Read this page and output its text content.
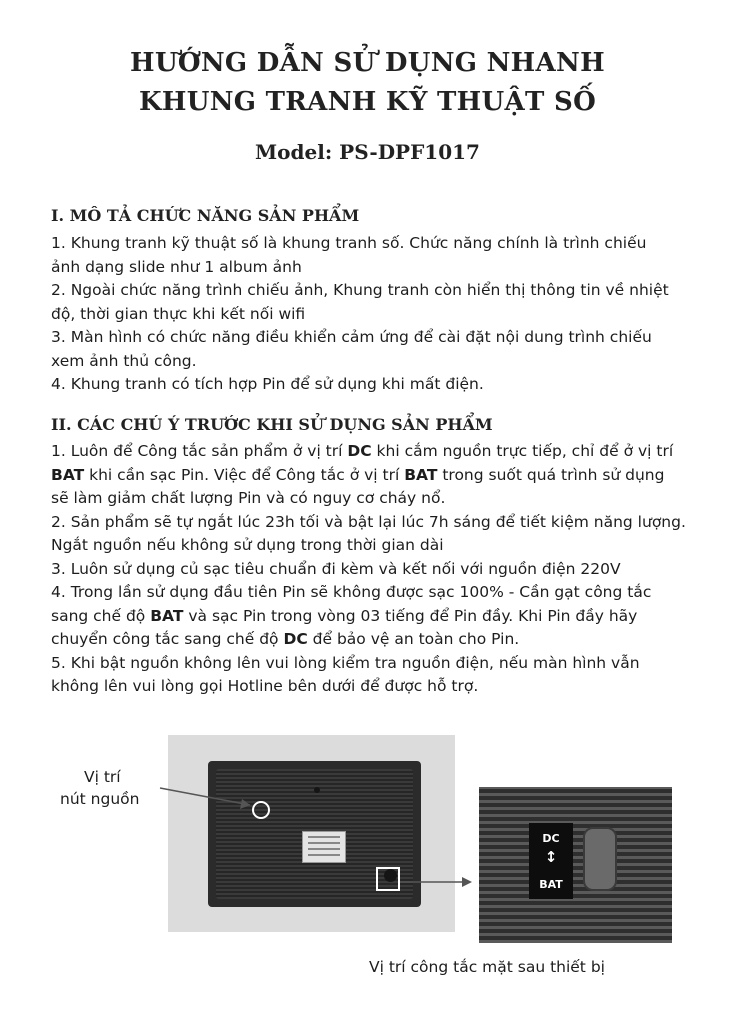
HƯỚNG DẪN SỬ DỤNG NHANH
KHUNG TRANH KỸ THUẬT SỐ
Model: PS-DPF1017
I. MÔ TẢ CHỨC NĂNG SẢN PHẨM
1. Khung tranh kỹ thuật số là khung tranh số. Chức năng chính là trình chiếu
ảnh dạng slide như 1 album ảnh
2. Ngoài chức năng trình chiếu ảnh, Khung tranh còn hiển thị thông tin về nhiệt
độ, thời gian thực khi kết nối wifi
3. Màn hình có chức năng điều khiển cảm ứng để cài đặt nội dung trình chiếu
xem ảnh thủ công.
4. Khung tranh có tích hợp Pin để sử dụng khi mất điện.
II. CÁC CHÚ Ý TRƯỚC KHI SỬ DỤNG SẢN PHẨM
1. Luôn để Công tắc sản phẩm ở vị trí DC khi cắm nguồn trực tiếp, chỉ để ở vị trí
BAT khi cần sạc Pin. Việc để Công tắc ở vị trí BAT trong suốt quá trình sử dụng
sẽ làm giảm chất lượng Pin và có nguy cơ cháy nổ.
2. Sản phẩm sẽ tự ngắt lúc 23h tối và bật lại lúc 7h sáng để tiết kiệm năng lượng.
Ngắt nguồn nếu không sử dụng trong thời gian dài
3. Luôn sử dụng củ sạc tiêu chuẩn đi kèm và kết nối với nguồn điện 220V
4. Trong lần sử dụng đầu tiên Pin sẽ không được sạc 100% - Cần gạt công tắc
sang chế độ BAT và sạc Pin trong vòng 03 tiếng để Pin đầy. Khi Pin đầy hãy
chuyển công tắc sang chế độ DC để bảo vệ an toàn cho Pin.
5. Khi bật nguồn không lên vui lòng kiểm tra nguồn điện, nếu màn hình vẫn
không lên vui lòng gọi Hotline bên dưới để được hỗ trợ.
DC
↕
BAT
Vị trí
nút nguồn
Vị trí công tắc mặt sau thiết bị
